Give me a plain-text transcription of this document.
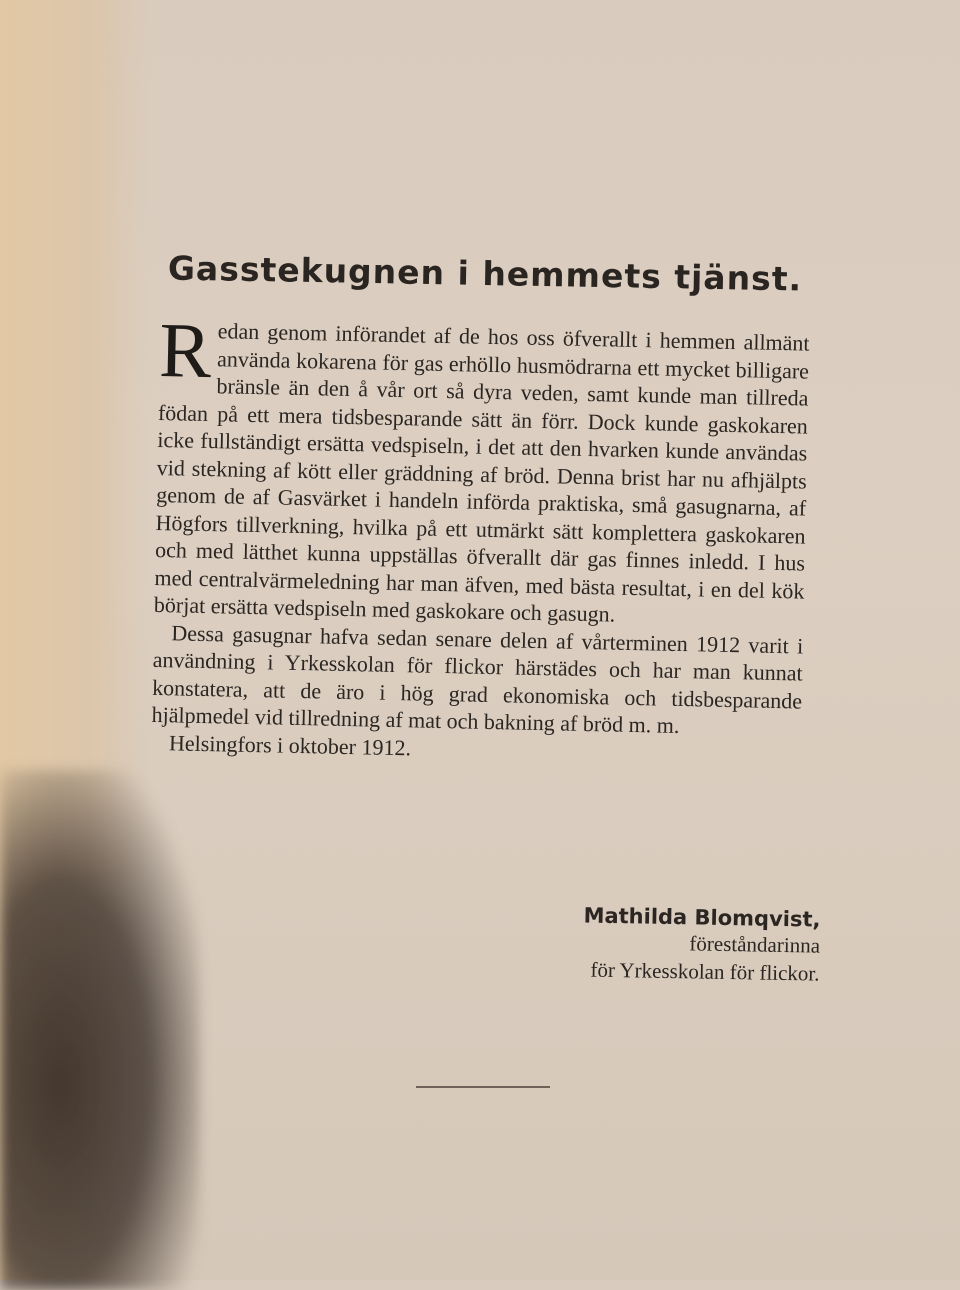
Gasstekugnen i hemmets tjänst.

Redan genom införandet af de hos oss öfverallt i hemmen allmänt använda kokarena för gas erhöllo husmödrarna ett mycket billigare bränsle än den å vår ort så dyra veden, samt kunde man tillreda födan på ett mera tidsbesparande sätt än förr. Dock kunde gaskokaren icke fullständigt ersätta vedspiseln, i det att den hvarken kunde användas vid stekning af kött eller gräddning af bröd. Denna brist har nu afhjälpts genom de af Gasvärket i handeln införda praktiska, små gasugnarna, af Högfors tillverkning, hvilka på ett utmärkt sätt komplettera gaskokaren och med lätthet kunna uppställas öfverallt där gas finnes inledd. I hus med centralvärmeledning har man äfven, med bästa resultat, i en del kök börjat ersätta vedspiseln med gaskokare och gasugn.

Dessa gasugnar hafva sedan senare delen af vårterminen 1912 varit i användning i Yrkesskolan för flickor härstädes och har man kunnat konstatera, att de äro i hög grad ekonomiska och tidsbesparande hjälpmedel vid tillredning af mat och bakning af bröd m. m.

Helsingfors i oktober 1912.

Mathilda Blomqvist,
föreståndarinna
för Yrkesskolan för flickor.
